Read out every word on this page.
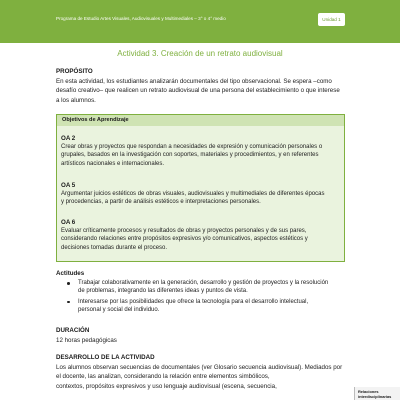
Programa de Estudio Artes Visuales, Audiovisuales y Multimediales – 3° o 4° medio	Unidad 1
Actividad 3. Creación de un retrato audiovisual
PROPÓSITO
En esta actividad, los estudiantes analizarán documentales del tipo observacional. Se espera –como
desafío creativo– que realicen un retrato audiovisual de una persona del establecimiento o que interese
a los alumnos.
Objetivos de Aprendizaje
OA 2
Crear obras y proyectos que respondan a necesidades de expresión y comunicación personales o
grupales, basados en la investigación con soportes, materiales y procedimientos, y en referentes
artísticos nacionales e internacionales.
OA 5
Argumentar juicios estéticos de obras visuales, audiovisuales y multimediales de diferentes épocas
y procedencias, a partir de análisis estéticos e interpretaciones personales.
OA 6
Evaluar críticamente procesos y resultados de obras y proyectos personales y de sus pares,
considerando relaciones entre propósitos expresivos y/o comunicativos, aspectos estéticos y
decisiones tomadas durante el proceso.
Actitudes
Trabajar colaborativamente en la generación, desarrollo y gestión de proyectos y la resolución
de problemas, integrando las diferentes ideas y puntos de vista.
Interesarse por las posibilidades que ofrece la tecnología para el desarrollo intelectual,
personal y social del individuo.
DURACIÓN
12 horas pedagógicas
DESARROLLO DE LA ACTIVIDAD
Los alumnos observan secuencias de documentales (ver Glosario secuencia audiovisual). Mediados por
el docente, las analizan, considerando la relación entre elementos simbólicos,
contextos, propósitos expresivos y uso lenguaje audiovisual (escena, secuencia,
Relaciones
interdisciplinarias
